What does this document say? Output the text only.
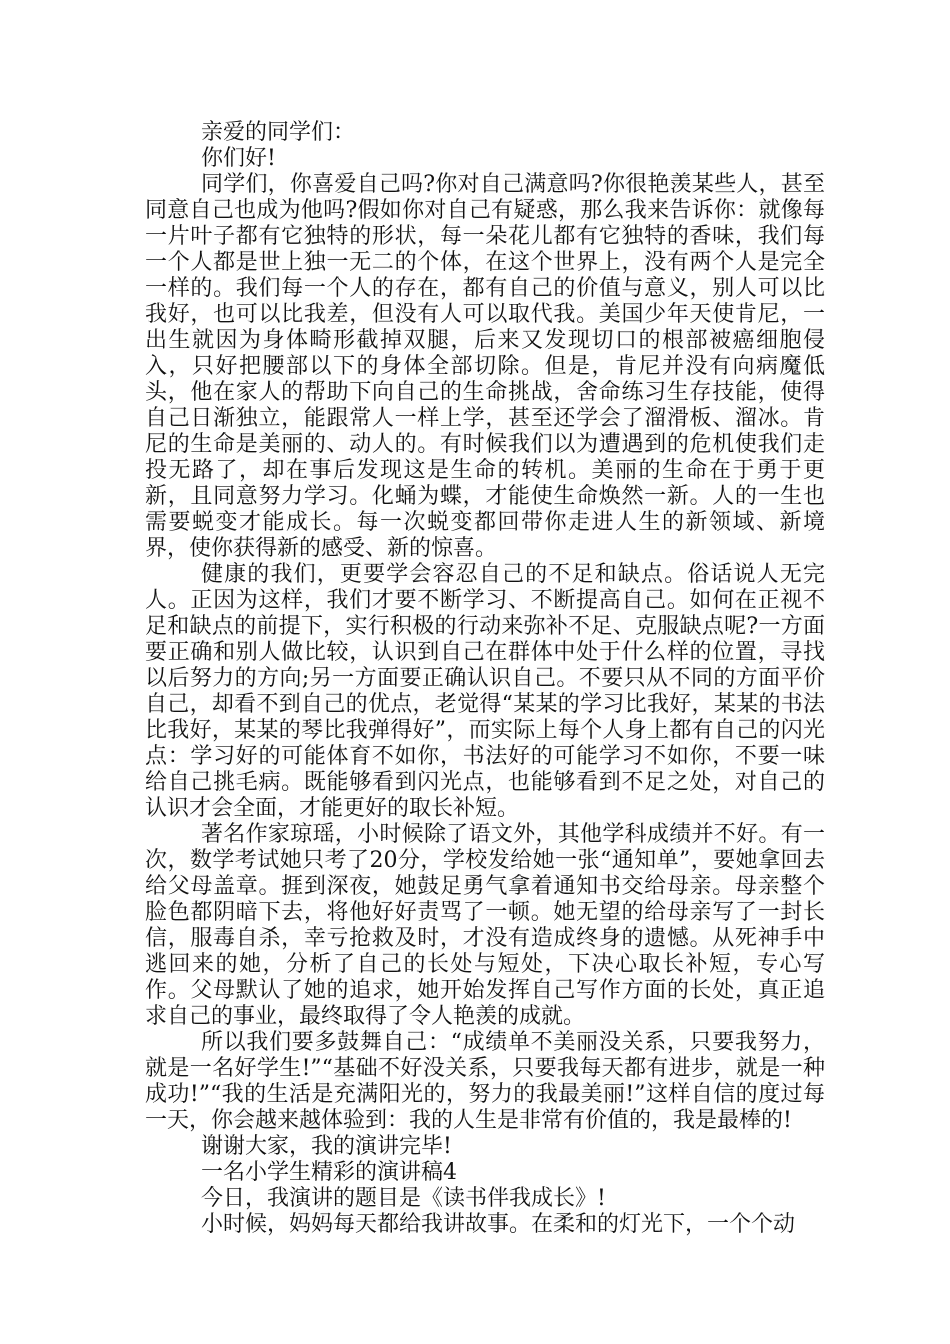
亲爱的同学们：

你们好!

同学们，你喜爱自己吗?你对自己满意吗?你很艳羡某些人，甚至同意自己也成为他吗?假如你对自己有疑惑，那么我来告诉你：就像每一片叶子都有它独特的形状，每一朵花儿都有它独特的香味，我们每一个人都是世上独一无二的个体，在这个世界上，没有两个人是完全一样的。我们每一个人的存在，都有自己的价值与意义，别人可以比我好，也可以比我差，但没有人可以取代我。美国少年天使肯尼，一出生就因为身体畸形截掉双腿，后来又发现切口的根部被癌细胞侵入，只好把腰部以下的身体全部切除。但是，肯尼并没有向病魔低头，他在家人的帮助下向自己的生命挑战，舍命练习生存技能，使得自己日渐独立，能跟常人一样上学，甚至还学会了溜滑板、溜冰。肯尼的生命是美丽的、动人的。有时候我们以为遭遇到的危机使我们走投无路了，却在事后发现这是生命的转机。美丽的生命在于勇于更新，且同意努力学习。化蛹为蝶，才能使生命焕然一新。人的一生也需要蜕变才能成长。每一次蜕变都回带你走进人生的新领域、新境界，使你获得新的感受、新的惊喜。

健康的我们，更要学会容忍自己的不足和缺点。俗话说人无完人。正因为这样，我们才要不断学习、不断提高自己。如何在正视不足和缺点的前提下，实行积极的行动来弥补不足、克服缺点呢?一方面要正确和别人做比较，认识到自己在群体中处于什么样的位置，寻找以后努力的方向;另一方面要正确认识自己。不要只从不同的方面平价自己，却看不到自己的优点，老觉得“某某的学习比我好，某某的书法比我好，某某的琴比我弹得好”，而实际上每个人身上都有自己的闪光点：学习好的可能体育不如你，书法好的可能学习不如你，不要一味给自己挑毛病。既能够看到闪光点，也能够看到不足之处，对自己的认识才会全面，才能更好的取长补短。

著名作家琼瑶，小时候除了语文外，其他学科成绩并不好。有一次，数学考试她只考了20分，学校发给她一张“通知单”，要她拿回去给父母盖章。捱到深夜，她鼓足勇气拿着通知书交给母亲。母亲整个脸色都阴暗下去，将他好好责骂了一顿。她无望的给母亲写了一封长信，服毒自杀，幸亏抢救及时，才没有造成终身的遗憾。从死神手中逃回来的她，分析了自己的长处与短处，下决心取长补短，专心写作。父母默认了她的追求，她开始发挥自己写作方面的长处，真正追求自己的事业，最终取得了令人艳羡的成就。

所以我们要多鼓舞自己：“成绩单不美丽没关系，只要我努力，就是一名好学生!”“基础不好没关系，只要我每天都有进步，就是一种成功!”“我的生活是充满阳光的，努力的我最美丽!”这样自信的度过每一天，你会越来越体验到：我的人生是非常有价值的，我是最棒的!

谢谢大家，我的演讲完毕!

一名小学生精彩的演讲稿4

今日，我演讲的题目是《读书伴我成长》!

小时候，妈妈每天都给我讲故事。在柔和的灯光下，一个个动
